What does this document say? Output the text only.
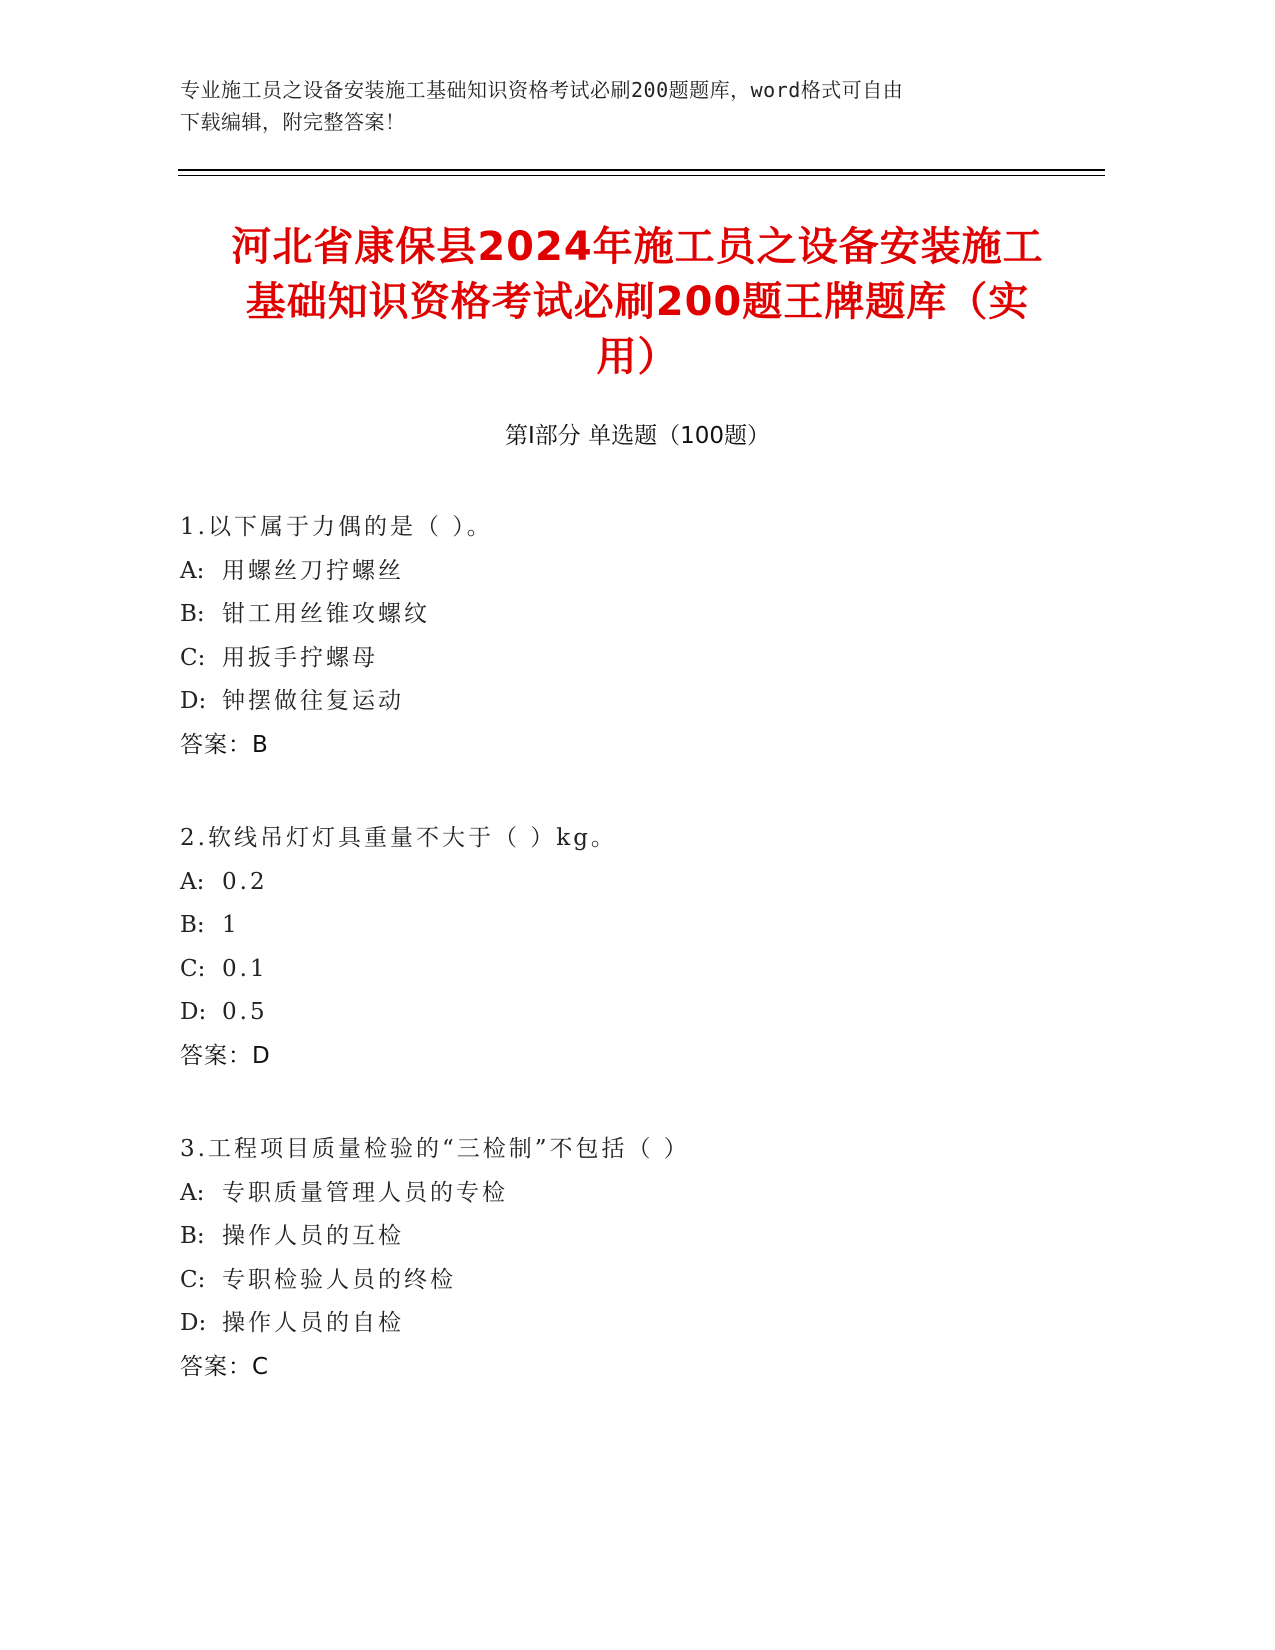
专业施工员之设备安装施工基础知识资格考试必刷200题题库，word格式可自由
下载编辑，附完整答案！
河北省康保县2024年施工员之设备安装施工
基础知识资格考试必刷200题王牌题库（实
用）
第Ⅰ部分 单选题（100题）
1.以下属于力偶的是（ ）。
A: 用螺丝刀拧螺丝
B: 钳工用丝锥攻螺纹
C: 用扳手拧螺母
D: 钟摆做往复运动
答案：B
2.软线吊灯灯具重量不大于（ ）kg。
A: 0.2
B: 1
C: 0.1
D: 0.5
答案：D
3.工程项目质量检验的“三检制”不包括（ ）
A: 专职质量管理人员的专检
B: 操作人员的互检
C: 专职检验人员的终检
D: 操作人员的自检
答案：C
